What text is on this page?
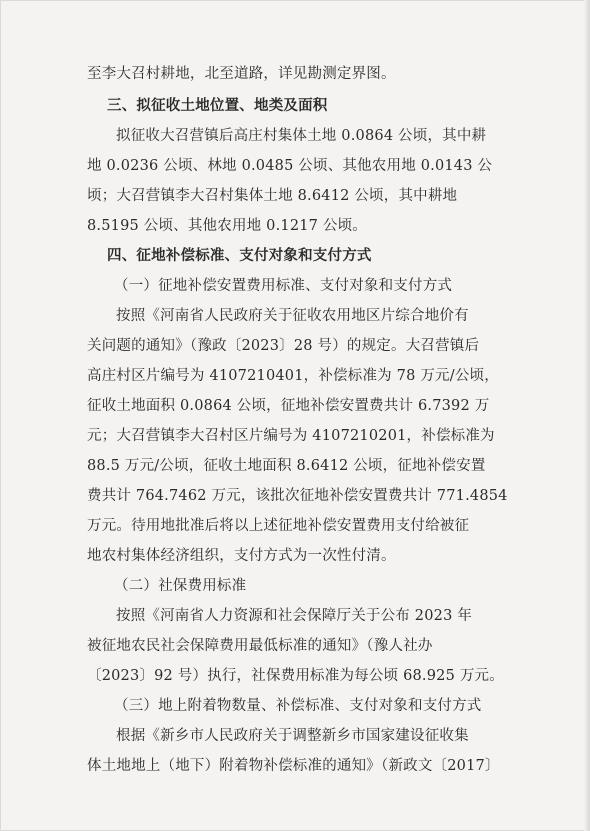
至李大召村耕地，北至道路，详见勘测定界图。
三、拟征收土地位置、地类及面积
拟征收大召营镇后高庄村集体土地 0.0864 公顷，其中耕
地 0.0236 公顷、林地 0.0485 公顷、其他农用地 0.0143 公
顷；大召营镇李大召村集体土地 8.6412 公顷，其中耕地
8.5195 公顷、其他农用地 0.1217 公顷。
四、征地补偿标准、支付对象和支付方式
（一）征地补偿安置费用标准、支付对象和支付方式
按照《河南省人民政府关于征收农用地区片综合地价有
关问题的通知》（豫政〔2023〕28 号）的规定。大召营镇后
高庄村区片编号为 4107210401，补偿标准为 78 万元/公顷，
征收土地面积 0.0864 公顷，征地补偿安置费共计 6.7392 万
元；大召营镇李大召村区片编号为 4107210201，补偿标准为
88.5 万元/公顷，征收土地面积 8.6412 公顷，征地补偿安置
费共计 764.7462 万元，该批次征地补偿安置费共计 771.4854
万元。待用地批准后将以上述征地补偿安置费用支付给被征
地农村集体经济组织，支付方式为一次性付清。
（二）社保费用标准
按照《河南省人力资源和社会保障厅关于公布 2023 年
被征地农民社会保障费用最低标准的通知》（豫人社办
〔2023〕92 号）执行，社保费用标准为每公顷 68.925 万元。
（三）地上附着物数量、补偿标准、支付对象和支付方式
根据《新乡市人民政府关于调整新乡市国家建设征收集
体土地地上（地下）附着物补偿标准的通知》（新政文〔2017〕
